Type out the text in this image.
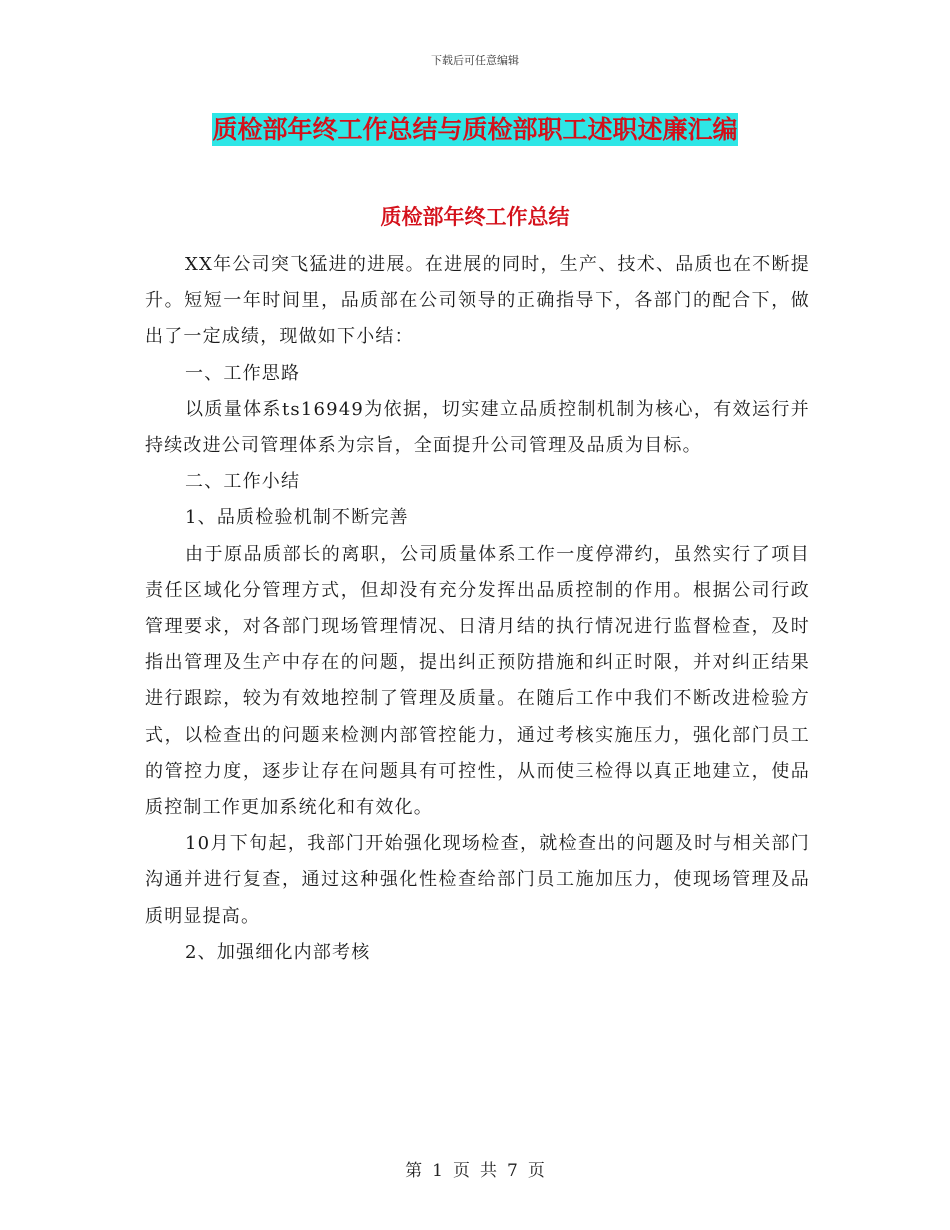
下载后可任意编辑
质检部年终工作总结与质检部职工述职述廉汇编
质检部年终工作总结

XX年公司突飞猛进的进展。在进展的同时，生产、技术、品质也在不断提升。短短一年时间里，品质部在公司领导的正确指导下，各部门的配合下，做出了一定成绩，现做如下小结：

一、工作思路

以质量体系ts16949为依据，切实建立品质控制机制为核心，有效运行并持续改进公司管理体系为宗旨，全面提升公司管理及品质为目标。

二、工作小结

1、品质检验机制不断完善

由于原品质部长的离职，公司质量体系工作一度停滞约，虽然实行了项目责任区域化分管理方式，但却没有充分发挥出品质控制的作用。根据公司行政管理要求，对各部门现场管理情况、日清月结的执行情况进行监督检查，及时指出管理及生产中存在的问题，提出纠正预防措施和纠正时限，并对纠正结果进行跟踪，较为有效地控制了管理及质量。在随后工作中我们不断改进检验方式，以检查出的问题来检测内部管控能力，通过考核实施压力，强化部门员工的管控力度，逐步让存在问题具有可控性，从而使三检得以真正地建立，使品质控制工作更加系统化和有效化。

10月下旬起，我部门开始强化现场检查，就检查出的问题及时与相关部门沟通并进行复查，通过这种强化性检查给部门员工施加压力，使现场管理及品质明显提高。

2、加强细化内部考核

第 1 页 共 7 页
